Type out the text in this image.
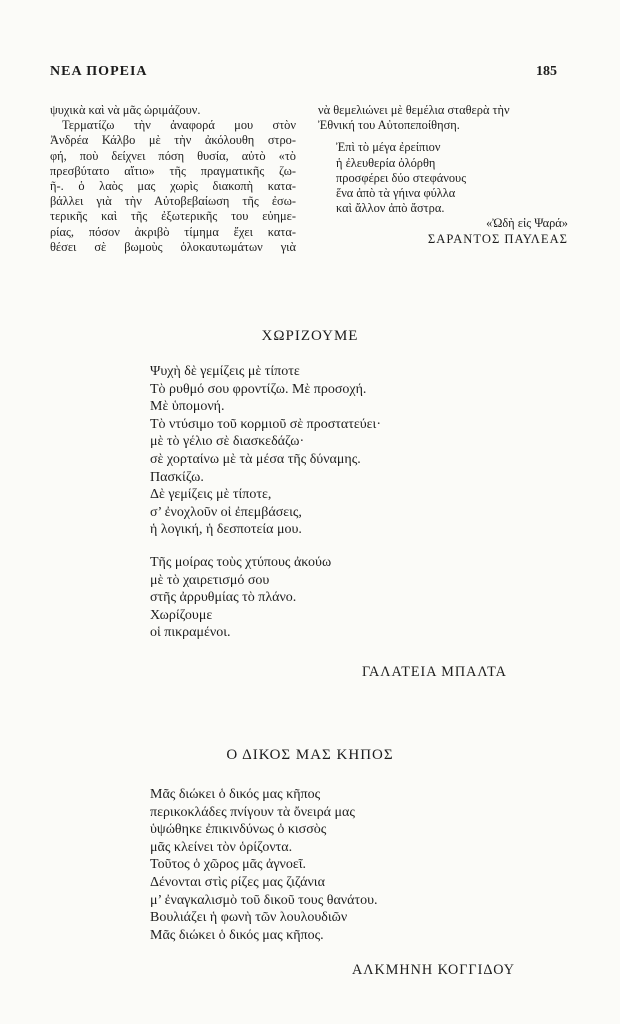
ΝΕΑ ΠΟΡΕΙΑ	185
ψυχικὰ καὶ νὰ μᾶς ὡριμάζουν.
Τερματίζω τὴν ἀναφορά μου στὸν
Ἀνδρέα Κάλβο μὲ τὴν ἀκόλουθη στρο-
φή, ποὺ δείχνει πόση θυσία, αὐτὸ «τὸ
πρεσβύτατο αἴτιο» τῆς πραγματικῆς ζω-
ῆ-. ὁ λαὸς μας χωρὶς διακοπὴ κατα-
βάλλει γιὰ τὴν Αὐτοβεβαίωση τῆς ἐσω-
τερικῆς καὶ τῆς ἐξωτερικῆς του εὐημε-
ρίας, πόσον ἀκριβὸ τίμημα ἔχει κατα-
θέσει σὲ βωμοὺς ὁλοκαυτωμάτων γιὰ
νὰ θεμελιώνει μὲ θεμέλια σταθερὰ τὴν
Ἐθνική του Αὐτοπεποίθηση.
Ἐπὶ τὸ μέγα ἐρείπιον
ἡ ἐλευθερία ὀλόρθη
προσφέρει δύο στεφάνους
ἕνα ἀπὸ τὰ γήινα φύλλα
καὶ ἄλλον ἀπὸ ἄστρα.
«Ὠδὴ εἰς Ψαρά»
ΣΑΡΑΝΤΟΣ ΠΑΥΛΕΑΣ
ΧΩΡΙΖΟΥΜΕ
Ψυχὴ δὲ γεμίζεις μὲ τίποτε
Τὸ ρυθμό σου φροντίζω. Μὲ προσοχή.
Μὲ ὑπομονή.
Τὸ ντύσιμο τοῦ κορμιοῦ σὲ προστατεύει·
μὲ τὸ γέλιο σὲ διασκεδάζω·
σὲ χορταίνω μὲ τὰ μέσα τῆς δύναμης.
Πασκίζω.
Δὲ γεμίζεις μὲ τίποτε,
σ’ ἐνοχλοῦν οἱ ἐπεμβάσεις,
ἡ λογική, ἡ δεσποτεία μου.
Τῆς μοίρας τοὺς χτύπους ἀκούω
μὲ τὸ χαιρετισμό σου
στῆς ἀρρυθμίας τὸ πλάνο.
Χωρίζουμε
οἱ πικραμένοι.
ΓΑΛΑΤΕΙΑ ΜΠΑΛΤΑ
Ο ΔΙΚΟΣ ΜΑΣ ΚΗΠΟΣ
Μᾶς διώκει ὁ δικός μας κῆπος
περικοκλάδες πνίγουν τὰ ὄνειρά μας
ὑψώθηκε ἐπικινδύνως ὁ κισσὸς
μᾶς κλείνει τὸν ὁρίζοντα.
Τοῦτος ὁ χῶρος μᾶς ἀγνοεῖ.
Δένονται στὶς ρίζες μας ζιζάνια
μ’ ἐναγκαλισμὸ τοῦ δικοῦ τους θανάτου.
Βουλιάζει ἡ φωνὴ τῶν λουλουδιῶν
Μᾶς διώκει ὁ δικός μας κῆπος.
ΑΛΚΜΗΝΗ ΚΟΓΓΙΔΟΥ
